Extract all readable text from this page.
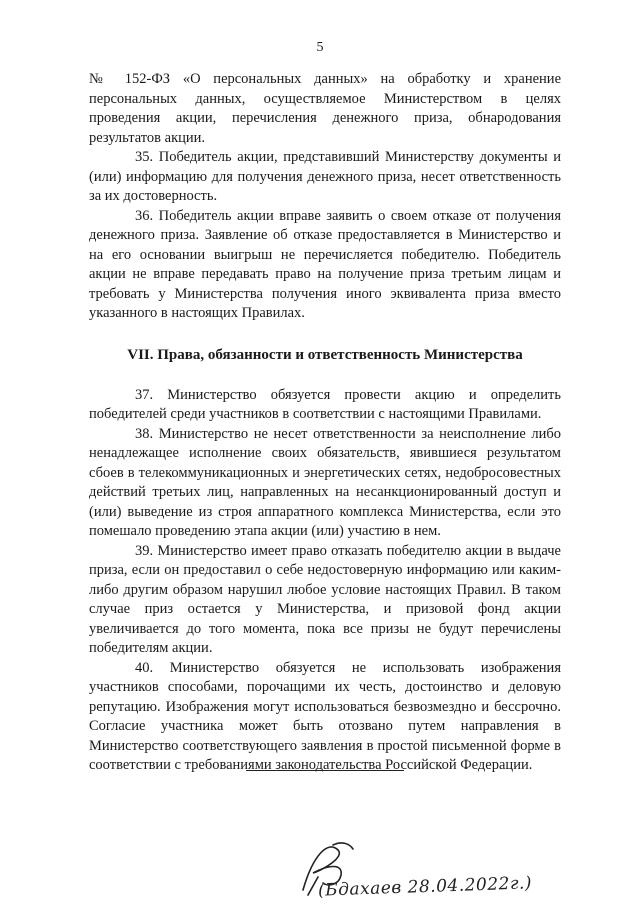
5

№ 152-ФЗ «О персональных данных» на обработку и хранение персональных данных, осуществляемое Министерством в целях проведения акции, перечисления денежного приза, обнародования результатов акции.

35. Победитель акции, представивший Министерству документы и (или) информацию для получения денежного приза, несет ответственность за их достоверность.

36. Победитель акции вправе заявить о своем отказе от получения денежного приза. Заявление об отказе предоставляется в Министерство и на его основании выигрыш не перечисляется победителю. Победитель акции не вправе передавать право на получение приза третьим лицам и требовать у Министерства получения иного эквивалента приза вместо указанного в настоящих Правилах.

VII. Права, обязанности и ответственность Министерства

37. Министерство обязуется провести акцию и определить победителей среди участников в соответствии с настоящими Правилами.

38. Министерство не несет ответственности за неисполнение либо ненадлежащее исполнение своих обязательств, явившиеся результатом сбоев в телекоммуникационных и энергетических сетях, недобросовестных действий третьих лиц, направленных на несанкционированный доступ и (или) выведение из строя аппаратного комплекса Министерства, если это помешало проведению этапа акции (или) участию в нем.

39. Министерство имеет право отказать победителю акции в выдаче приза, если он предоставил о себе недостоверную информацию или каким-либо другим образом нарушил любое условие настоящих Правил. В таком случае приз остается у Министерства, и призовой фонд акции увеличивается до того момента, пока все призы не будут перечислены победителям акции.

40. Министерство обязуется не использовать изображения участников способами, порочащими их честь, достоинство и деловую репутацию. Изображения могут использоваться безвозмездно и бессрочно. Согласие участника может быть отозвано путем направления в Министерство соответствующего заявления в простой письменной форме в соответствии с требованиями законодательства Российской Федерации.

(Бдахаев 28.04.2022г.)
